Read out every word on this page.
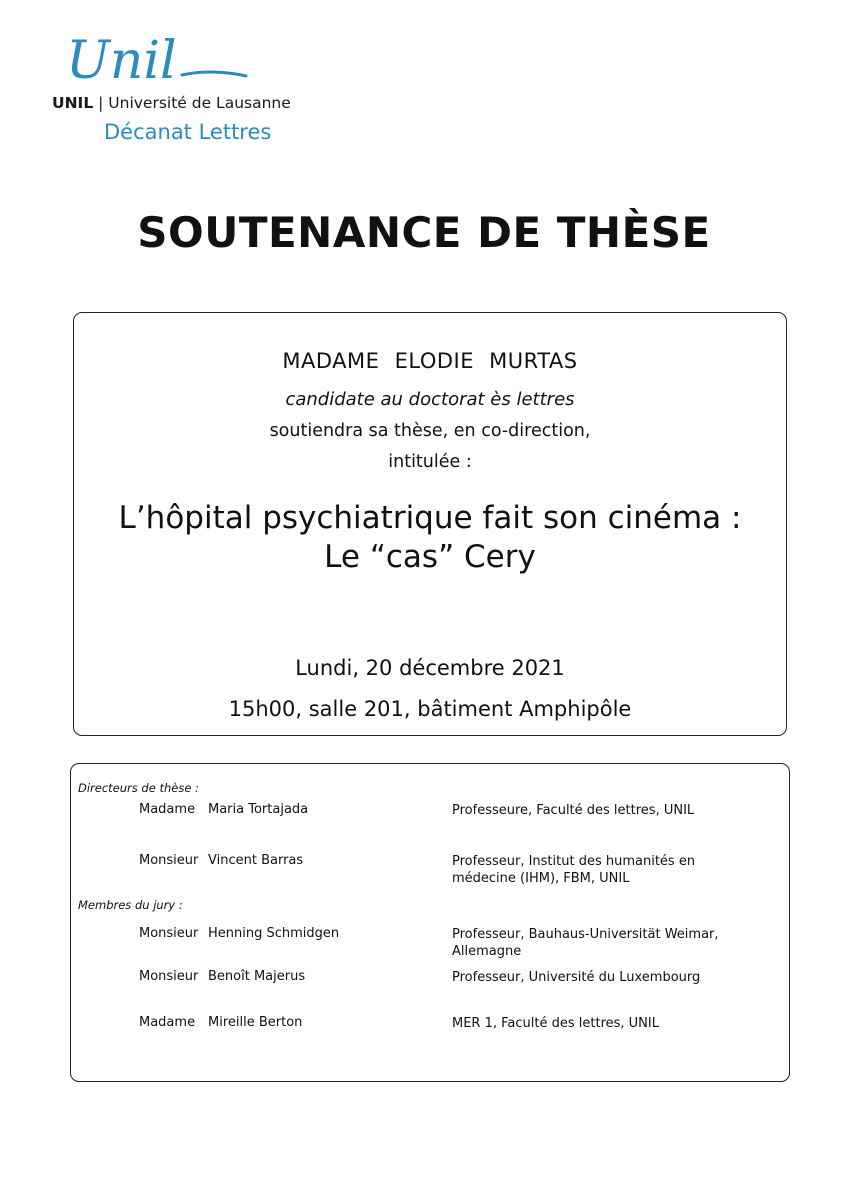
Unil
UNIL | Université de Lausanne
Décanat Lettres
SOUTENANCE DE THÈSE
MADAME ELODIE MURTAS
candidate au doctorat ès lettres
soutiendra sa thèse, en co-direction,
intitulée :
L’hôpital psychiatrique fait son cinéma :
Le “cas” Cery
Lundi, 20 décembre 2021
15h00, salle 201, bâtiment Amphipôle
Directeurs de thèse :
Madame Maria Tortajada	Professeure, Faculté des lettres, UNIL
Monsieur Vincent Barras	Professeur, Institut des humanités en médecine (IHM), FBM, UNIL
Membres du jury :
Monsieur Henning Schmidgen	Professeur, Bauhaus-Universität Weimar, Allemagne
Monsieur Benoît Majerus	Professeur, Université du Luxembourg
Madame Mireille Berton	MER 1, Faculté des lettres, UNIL
